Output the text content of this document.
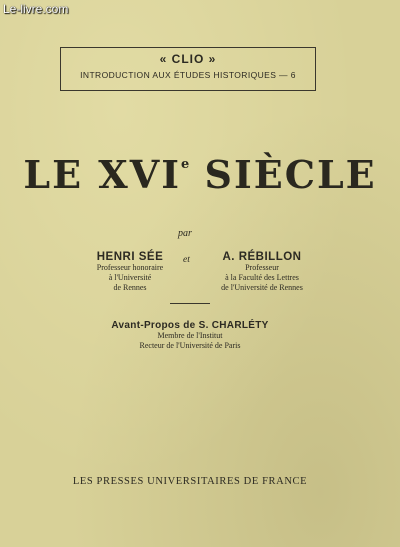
Le-livre.com
« CLIO »
INTRODUCTION AUX ÉTUDES HISTORIQUES — 6
LE XVIe SIÈCLE
par
HENRI SÉE
Professeur honoraire
à l'Université
de Rennes
et	A. RÉBILLON
Professeur
à la Faculté des Lettres
de l'Université de Rennes
Avant-Propos de S. CHARLÉTY
Membre de l'Institut
Recteur de l'Université de Paris
LES PRESSES UNIVERSITAIRES DE FRANCE
